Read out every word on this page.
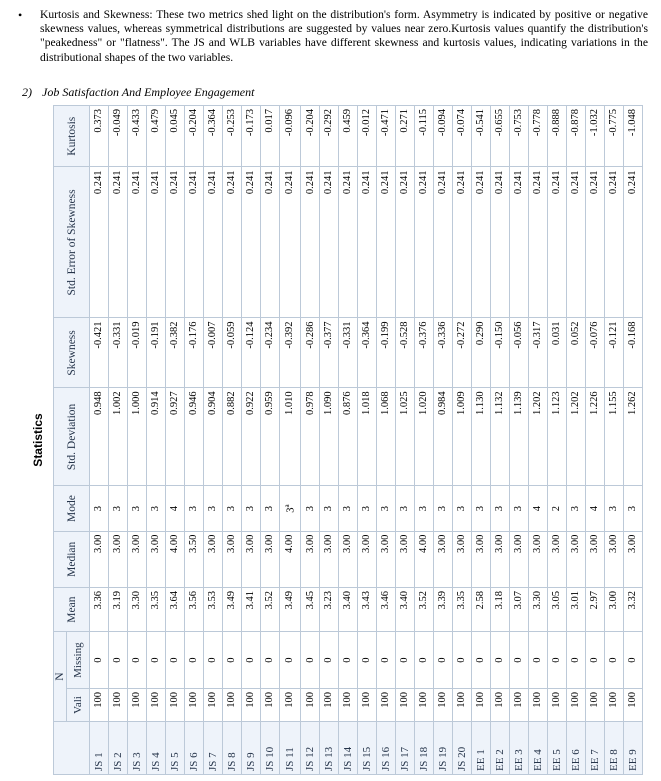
•	Kurtosis and Skewness: These two metrics shed light on the distribution's form. Asymmetry is indicated by positive or negative skewness values, whereas symmetrical distributions are suggested by values near zero.Kurtosis values quantify the distribution's "peakedness" or "flatness". The JS and WLB variables have different skewness and kurtosis values, indicating variations in the distributional shapes of the two variables.
2) Job Satisfaction And Employee Engagement
Statistics									
	N		Mean	Median	Mode	Std. Deviation	Skewness	Std. Error of Skewness	Kurtosis
	Vali	Missing							
JS 1	100	0	3.36	3.00	3	0.948	-0.421	0.241	0.373
JS 2	100	0	3.19	3.00	3	1.002	-0.331	0.241	-0.049
JS 3	100	0	3.30	3.00	3	1.000	-0.019	0.241	-0.433
JS 4	100	0	3.35	3.00	3	0.914	-0.191	0.241	0.479
JS 5	100	0	3.64	4.00	4	0.927	-0.382	0.241	0.045
JS 6	100	0	3.56	3.50	3	0.946	-0.176	0.241	-0.204
JS 7	100	0	3.53	3.00	3	0.904	-0.007	0.241	-0.364
JS 8	100	0	3.49	3.00	3	0.882	-0.059	0.241	-0.253
JS 9	100	0	3.41	3.00	3	0.922	-0.124	0.241	-0.173
JS 10	100	0	3.52	3.00	3	0.959	-0.234	0.241	0.017
JS 11	100	0	3.49	4.00	3$^a$	1.010	-0.392	0.241	-0.096
JS 12	100	0	3.45	3.00	3	0.978	-0.286	0.241	-0.204
JS 13	100	0	3.23	3.00	3	1.090	-0.377	0.241	-0.292
JS 14	100	0	3.40	3.00	3	0.876	-0.331	0.241	0.459
JS 15	100	0	3.43	3.00	3	1.018	-0.364	0.241	-0.012
JS 16	100	0	3.46	3.00	3	1.068	-0.199	0.241	-0.471
JS 17	100	0	3.40	3.00	3	1.025	-0.528	0.241	0.271
JS 18	100	0	3.52	4.00	3	1.020	-0.376	0.241	-0.115
JS 19	100	0	3.39	3.00	3	0.984	-0.336	0.241	-0.094
JS 20	100	0	3.35	3.00	3	1.009	-0.272	0.241	-0.074
EE 1	100	0	2.58	3.00	3	1.130	0.290	0.241	-0.541
EE 2	100	0	3.18	3.00	3	1.132	-0.150	0.241	-0.655
EE 3	100	0	3.07	3.00	3	1.139	-0.056	0.241	-0.753
EE 4	100	0	3.30	3.00	4	1.202	-0.317	0.241	-0.778
EE 5	100	0	3.05	3.00	2	1.123	0.031	0.241	-0.888
EE 6	100	0	3.01	3.00	3	1.202	0.052	0.241	-0.878
EE 7	100	0	2.97	3.00	4	1.226	-0.076	0.241	-1.032
EE 8	100	0	3.00	3.00	3	1.155	-0.121	0.241	-0.775
EE 9	100	0	3.32	3.00	3	1.262	-0.168	0.241	-1.048
